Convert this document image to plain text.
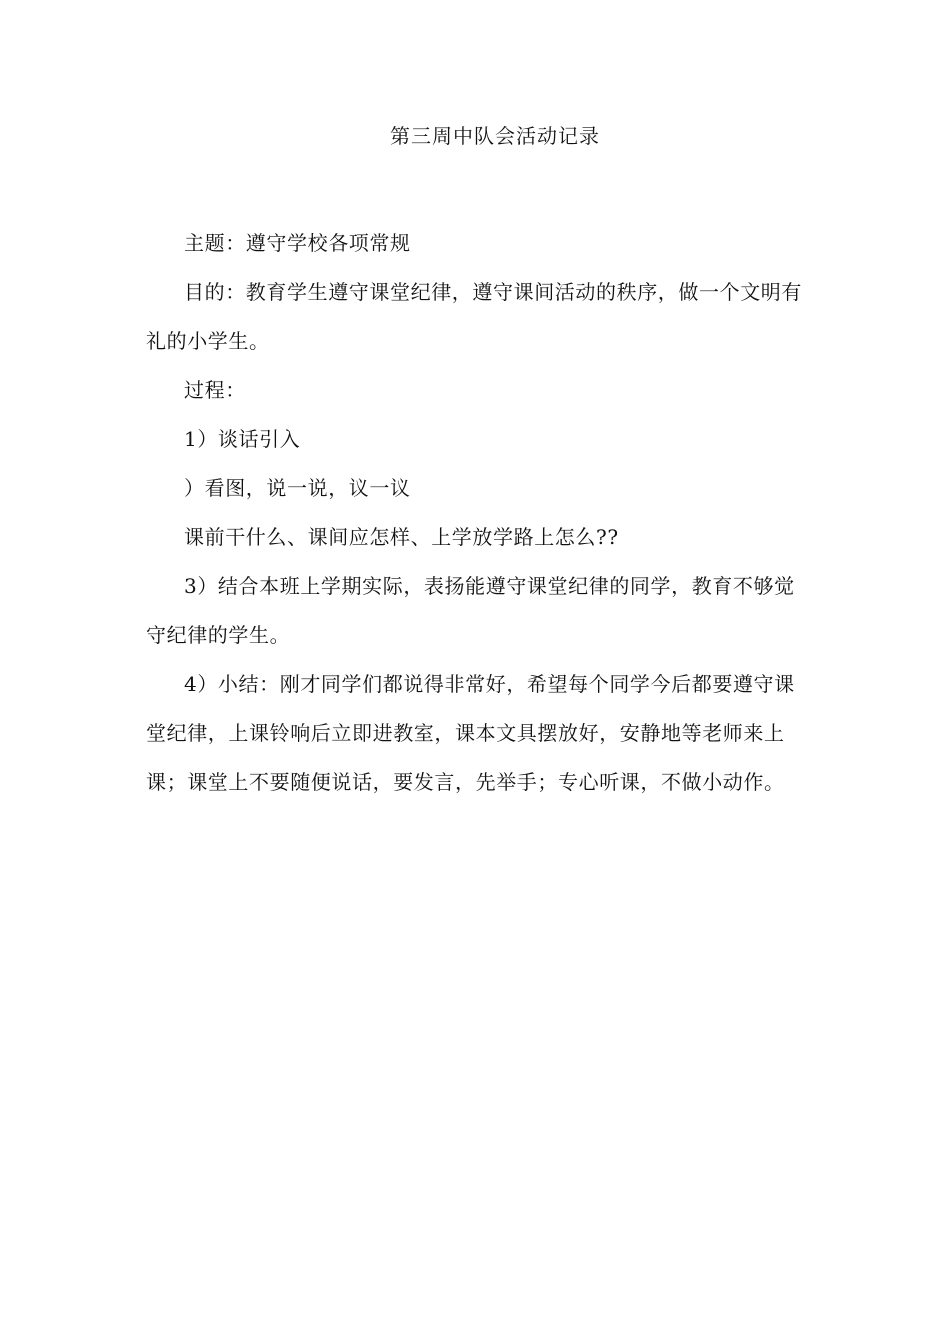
第三周中队会活动记录

主题：遵守学校各项常规

目的：教育学生遵守课堂纪律，遵守课间活动的秩序，做一个文明有礼的小学生。

过程：

1）谈话引入

）看图，说一说，议一议

课前干什么、课间应怎样、上学放学路上怎么??

3）结合本班上学期实际，表扬能遵守课堂纪律的同学，教育不够觉守纪律的学生。

4）小结：刚才同学们都说得非常好，希望每个同学今后都要遵守课堂纪律，上课铃响后立即进教室，课本文具摆放好，安静地等老师来上课；课堂上不要随便说话，要发言，先举手；专心听课，不做小动作。
